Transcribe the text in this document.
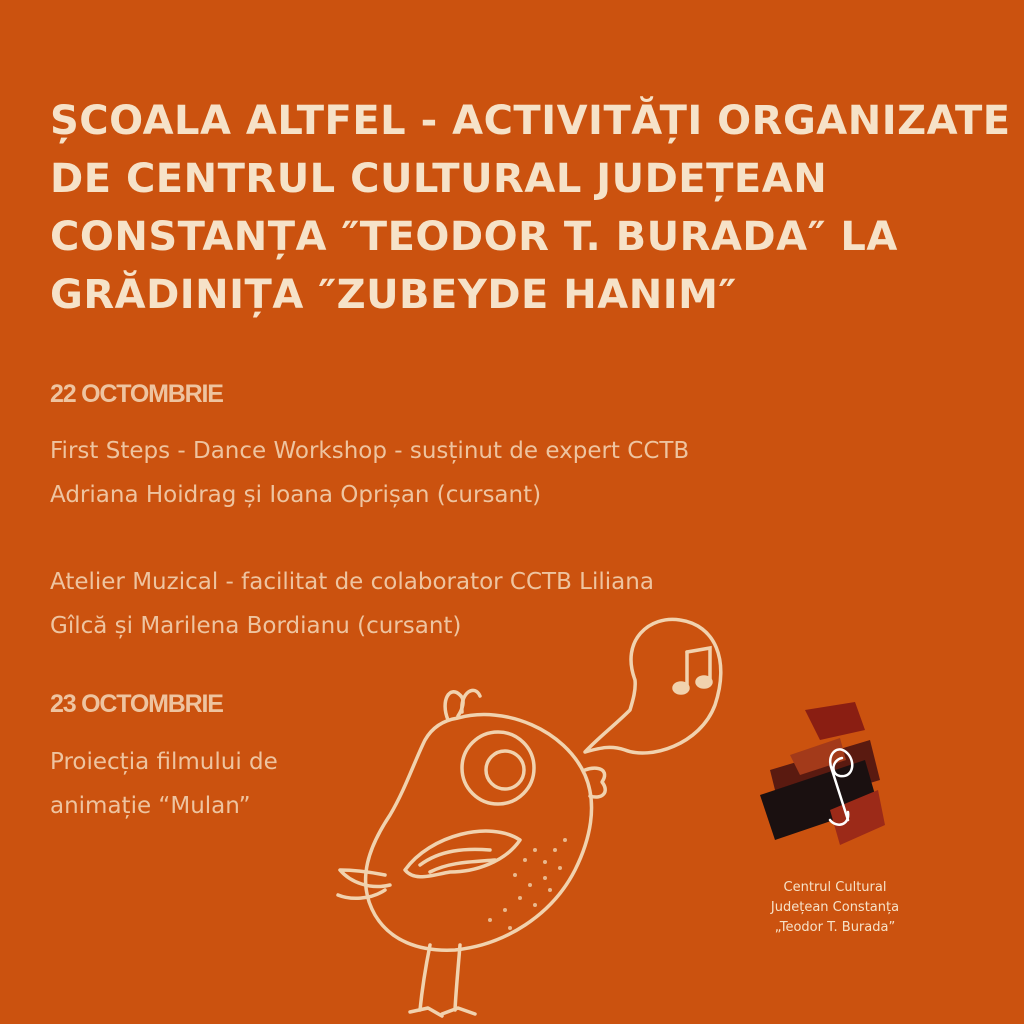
ȘCOALA ALTFEL - ACTIVITĂȚI ORGANIZATE
DE CENTRUL CULTURAL JUDEȚEAN
CONSTANȚA ″TEODOR T. BURADA″ LA
GRĂDINIȚA ″ZUBEYDE HANIM″
22 OCTOMBRIE

First Steps - Dance Workshop - susținut de expert CCTB
Adriana Hoidrag și Ioana Oprișan (cursant)

Atelier Muzical - facilitat de colaborator CCTB Liliana
Gîlcă și Marilena Bordianu (cursant)

23 OCTOMBRIE

Proiecția filmului de
animație “Mulan”

Centrul Cultural
Județean Constanța
„Teodor T. Burada”
